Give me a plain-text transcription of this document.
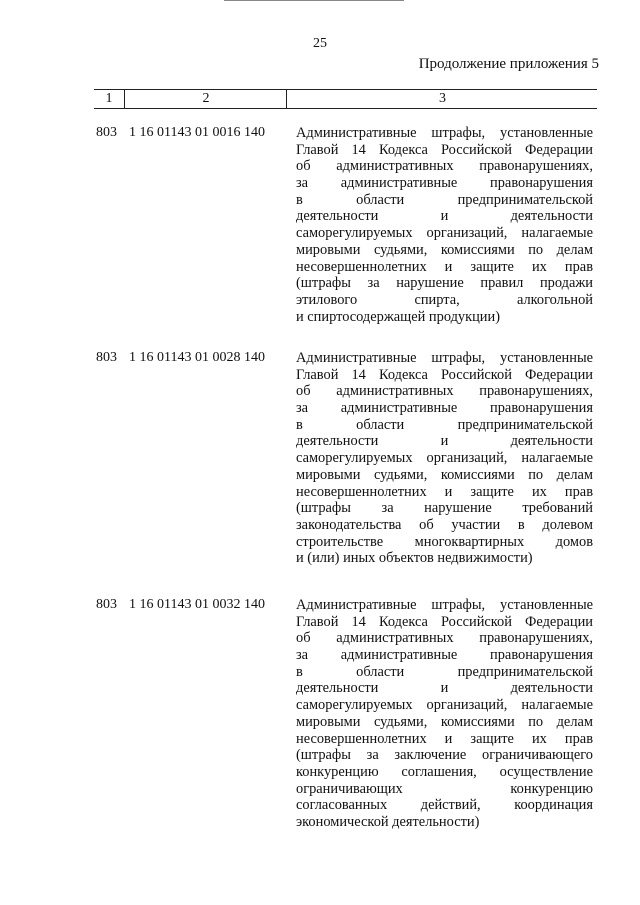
25
Продолжение приложения 5
1	2	3
803 1 16 01143 01 0016 140 Административные штрафы, установленные
Главой 14 Кодекса Российской Федерации
об административных правонарушениях,
за административные правонарушения
в области предпринимательской
деятельности и деятельности
саморегулируемых организаций, налагаемые
мировыми судьями, комиссиями по делам
несовершеннолетних и защите их прав
(штрафы за нарушение правил продажи
этилового спирта, алкогольной
и спиртосодержащей продукции)
803 1 16 01143 01 0028 140 Административные штрафы, установленные
Главой 14 Кодекса Российской Федерации
об административных правонарушениях,
за административные правонарушения
в области предпринимательской
деятельности и деятельности
саморегулируемых организаций, налагаемые
мировыми судьями, комиссиями по делам
несовершеннолетних и защите их прав
(штрафы за нарушение требований
законодательства об участии в долевом
строительстве многоквартирных домов
и (или) иных объектов недвижимости)
803 1 16 01143 01 0032 140 Административные штрафы, установленные
Главой 14 Кодекса Российской Федерации
об административных правонарушениях,
за административные правонарушения
в области предпринимательской
деятельности и деятельности
саморегулируемых организаций, налагаемые
мировыми судьями, комиссиями по делам
несовершеннолетних и защите их прав
(штрафы за заключение ограничивающего
конкуренцию соглашения, осуществление
ограничивающих конкуренцию
согласованных действий, координация
экономической деятельности)
